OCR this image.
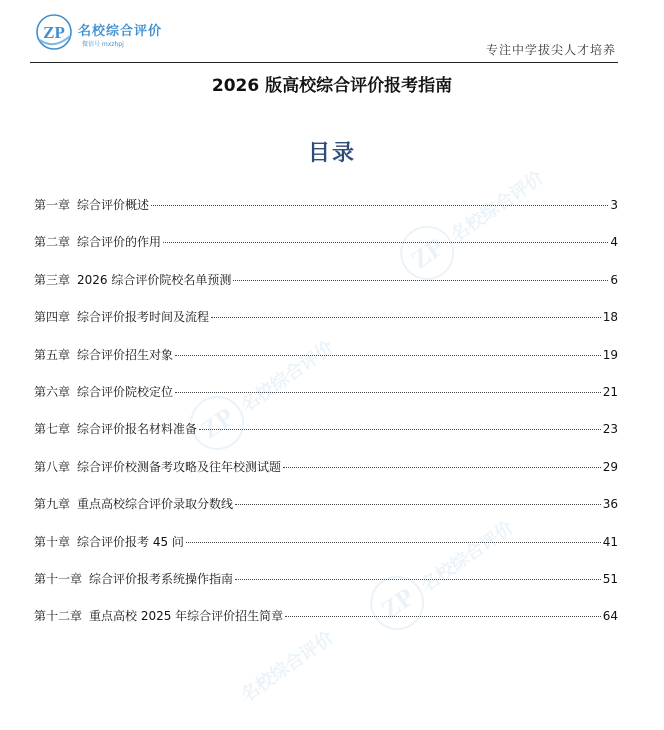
ZP 名校综合评价
微信号 mxzhpj	专注中学拔尖人才培养
2026 版高校综合评价报考指南
目录
第一章 综合评价概述	3
第二章 综合评价的作用	4
第三章 2026 综合评价院校名单预测	6
第四章 综合评价报考时间及流程	18
第五章 综合评价招生对象	19
第六章 综合评价院校定位	21
第七章 综合评价报名材料准备	23
第八章 综合评价校测备考攻略及往年校测试题	29
第九章 重点高校综合评价录取分数线	36
第十章 综合评价报考 45 问	41
第十一章 综合评价报考系统操作指南	51
第十二章 重点高校 2025 年综合评价招生简章	64
ZP
名校综合评价
ZP
名校综合评价
ZP
名校综合评价
名校综合评价
